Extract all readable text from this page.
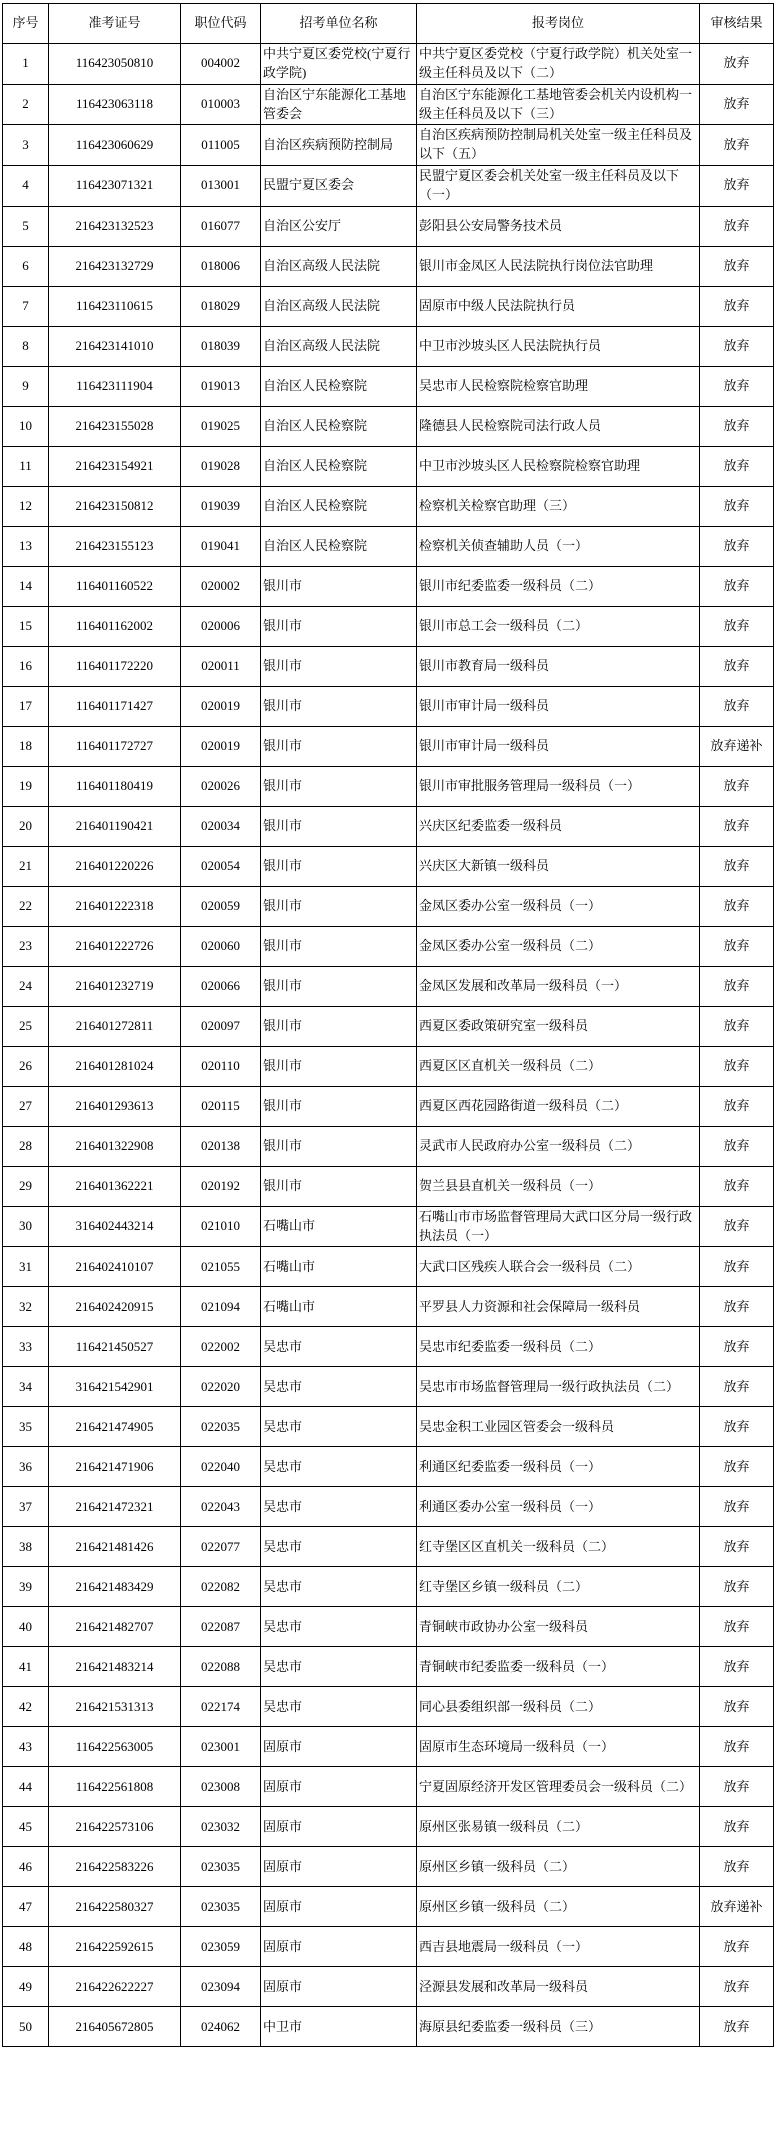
序号	准考证号	职位代码	招考单位名称	报考岗位	审核结果
1	116423050810	004002	中共宁夏区委党校(宁夏行政学院)	中共宁夏区委党校（宁夏行政学院）机关处室一级主任科员及以下（二）	放弃
2	116423063118	010003	自治区宁东能源化工基地管委会	自治区宁东能源化工基地管委会机关内设机构一级主任科员及以下（三）	放弃
3	116423060629	011005	自治区疾病预防控制局	自治区疾病预防控制局机关处室一级主任科员及以下（五）	放弃
4	116423071321	013001	民盟宁夏区委会	民盟宁夏区委会机关处室一级主任科员及以下（一）	放弃
5	216423132523	016077	自治区公安厅	彭阳县公安局警务技术员	放弃
6	216423132729	018006	自治区高级人民法院	银川市金凤区人民法院执行岗位法官助理	放弃
7	116423110615	018029	自治区高级人民法院	固原市中级人民法院执行员	放弃
8	216423141010	018039	自治区高级人民法院	中卫市沙坡头区人民法院执行员	放弃
9	116423111904	019013	自治区人民检察院	吴忠市人民检察院检察官助理	放弃
10	216423155028	019025	自治区人民检察院	隆德县人民检察院司法行政人员	放弃
11	216423154921	019028	自治区人民检察院	中卫市沙坡头区人民检察院检察官助理	放弃
12	216423150812	019039	自治区人民检察院	检察机关检察官助理（三）	放弃
13	216423155123	019041	自治区人民检察院	检察机关侦查辅助人员（一）	放弃
14	116401160522	020002	银川市	银川市纪委监委一级科员（二）	放弃
15	116401162002	020006	银川市	银川市总工会一级科员（二）	放弃
16	116401172220	020011	银川市	银川市教育局一级科员	放弃
17	116401171427	020019	银川市	银川市审计局一级科员	放弃
18	116401172727	020019	银川市	银川市审计局一级科员	放弃递补
19	116401180419	020026	银川市	银川市审批服务管理局一级科员（一）	放弃
20	216401190421	020034	银川市	兴庆区纪委监委一级科员	放弃
21	216401220226	020054	银川市	兴庆区大新镇一级科员	放弃
22	216401222318	020059	银川市	金凤区委办公室一级科员（一）	放弃
23	216401222726	020060	银川市	金凤区委办公室一级科员（二）	放弃
24	216401232719	020066	银川市	金凤区发展和改革局一级科员（一）	放弃
25	216401272811	020097	银川市	西夏区委政策研究室一级科员	放弃
26	216401281024	020110	银川市	西夏区区直机关一级科员（二）	放弃
27	216401293613	020115	银川市	西夏区西花园路街道一级科员（二）	放弃
28	216401322908	020138	银川市	灵武市人民政府办公室一级科员（二）	放弃
29	216401362221	020192	银川市	贺兰县县直机关一级科员（一）	放弃
30	316402443214	021010	石嘴山市	石嘴山市市场监督管理局大武口区分局一级行政执法员（一）	放弃
31	216402410107	021055	石嘴山市	大武口区残疾人联合会一级科员（二）	放弃
32	216402420915	021094	石嘴山市	平罗县人力资源和社会保障局一级科员	放弃
33	116421450527	022002	吴忠市	吴忠市纪委监委一级科员（二）	放弃
34	316421542901	022020	吴忠市	吴忠市市场监督管理局一级行政执法员（二）	放弃
35	216421474905	022035	吴忠市	吴忠金积工业园区管委会一级科员	放弃
36	216421471906	022040	吴忠市	利通区纪委监委一级科员（一）	放弃
37	216421472321	022043	吴忠市	利通区委办公室一级科员（一）	放弃
38	216421481426	022077	吴忠市	红寺堡区区直机关一级科员（二）	放弃
39	216421483429	022082	吴忠市	红寺堡区乡镇一级科员（二）	放弃
40	216421482707	022087	吴忠市	青铜峡市政协办公室一级科员	放弃
41	216421483214	022088	吴忠市	青铜峡市纪委监委一级科员（一）	放弃
42	216421531313	022174	吴忠市	同心县委组织部一级科员（二）	放弃
43	116422563005	023001	固原市	固原市生态环境局一级科员（一）	放弃
44	116422561808	023008	固原市	宁夏固原经济开发区管理委员会一级科员（二）	放弃
45	216422573106	023032	固原市	原州区张易镇一级科员（二）	放弃
46	216422583226	023035	固原市	原州区乡镇一级科员（二）	放弃
47	216422580327	023035	固原市	原州区乡镇一级科员（二）	放弃递补
48	216422592615	023059	固原市	西吉县地震局一级科员（一）	放弃
49	216422622227	023094	固原市	泾源县发展和改革局一级科员	放弃
50	216405672805	024062	中卫市	海原县纪委监委一级科员（三）	放弃
